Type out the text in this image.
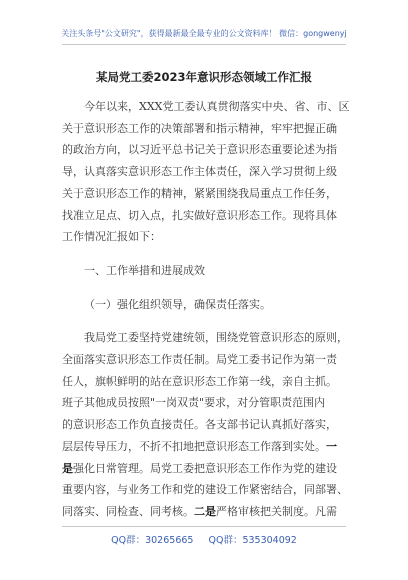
关注头条号"公文研究"，获得最新最全最专业的公文资料库！ 微信：gongwenyj
某局党工委2023年意识形态领域工作汇报
今年以来，XXX党工委认真贯彻落实中央、省、市、区
关于意识形态工作的决策部署和指示精神，牢牢把握正确
的政治方向，以习近平总书记关于意识形态重要论述为指
导，认真落实意识形态工作主体责任，深入学习贯彻上级
关于意识形态工作的精神，紧紧围绕我局重点工作任务，
找准立足点、切入点，扎实做好意识形态工作。现将具体
工作情况汇报如下：
一、工作举措和进展成效
（一）强化组织领导，确保责任落实。
我局党工委坚持党建统领，围绕党管意识形态的原则，
全面落实意识形态工作责任制。局党工委书记作为第一责
任人，旗帜鲜明的站在意识形态工作第一线，亲自主抓。
班子其他成员按照"一岗双责"要求，对分管职责范围内
的意识形态工作负直接责任。各支部书记认真抓好落实，
层层传导压力，不折不扣地把意识形态工作落到实处。一
是强化日常管理。局党工委把意识形态工作作为党的建设
重要内容，与业务工作和党的建设工作紧密结合，同部署、
同落实、同检查、同考核。二是严格审核把关制度。凡需
QQ群：30265665 QQ群：535304092
